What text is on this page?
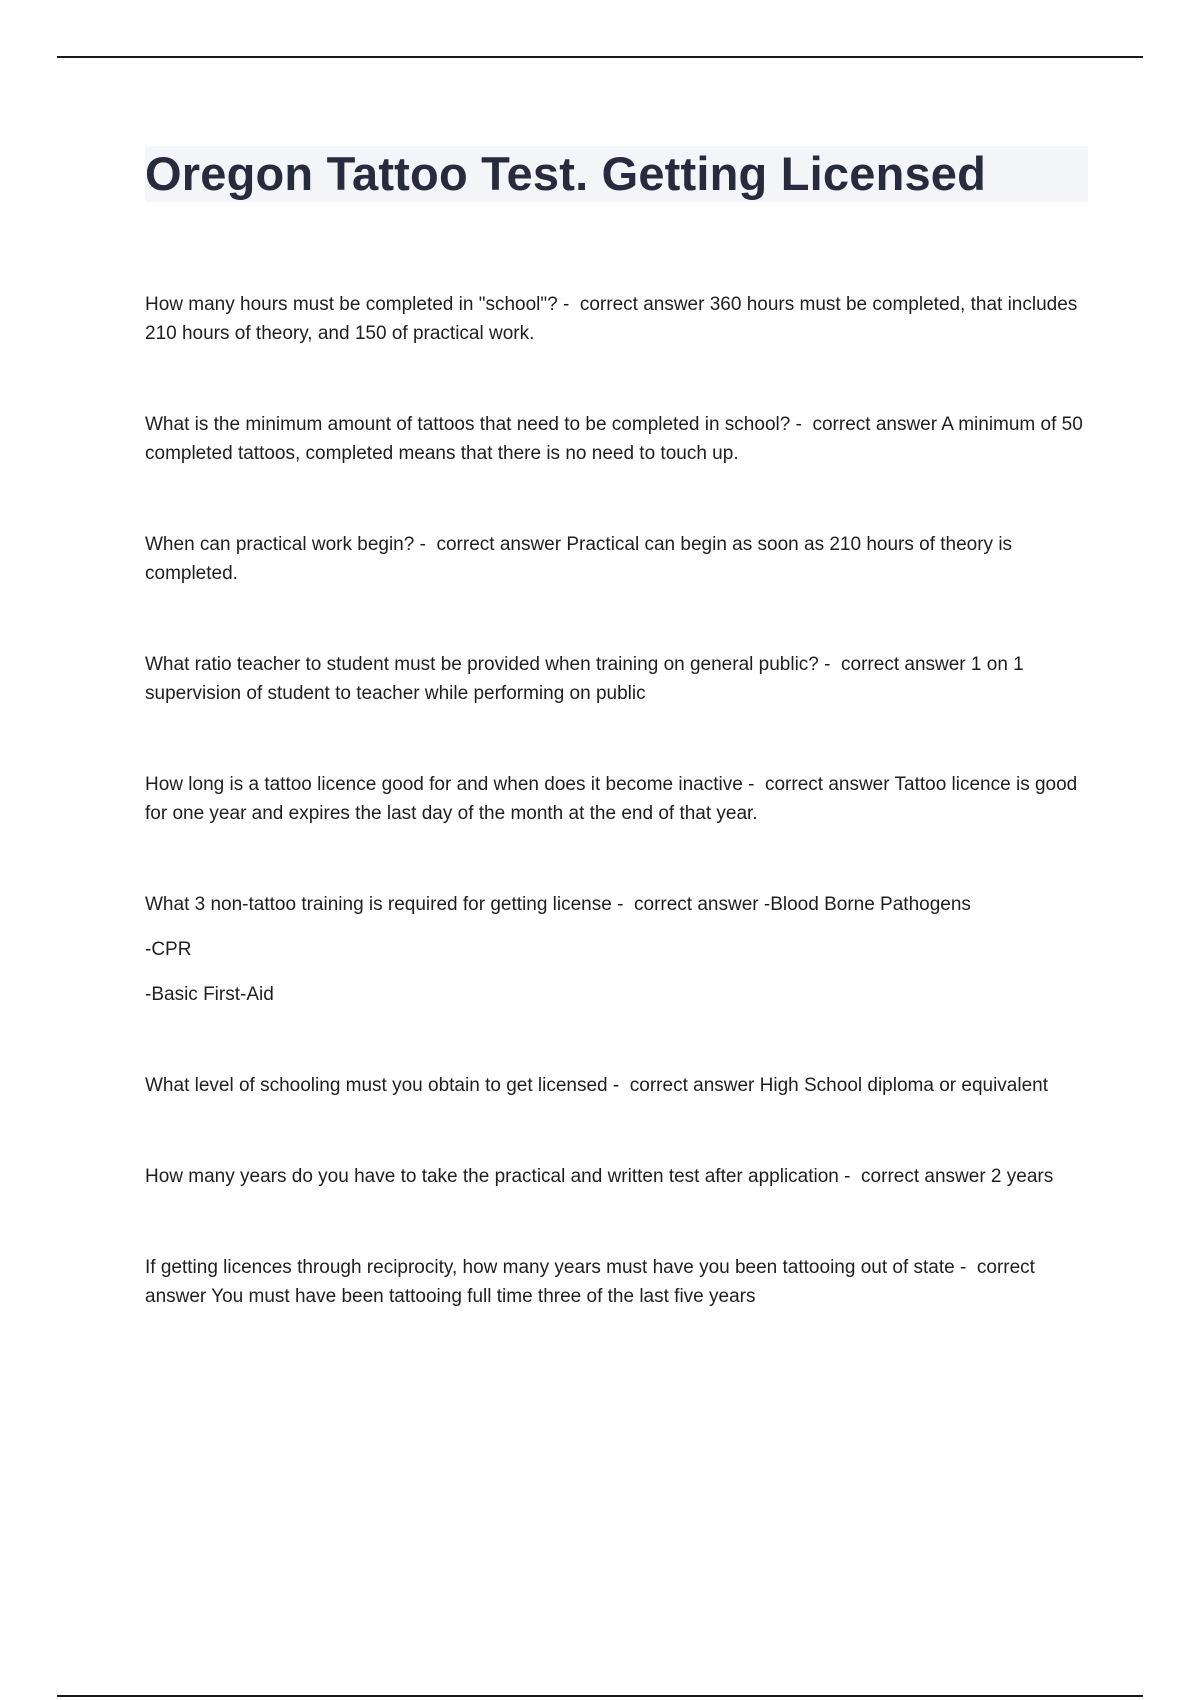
Oregon Tattoo Test. Getting Licensed

How many hours must be completed in "school"? -  correct answer 360 hours must be completed, that includes 210 hours of theory, and 150 of practical work.

What is the minimum amount of tattoos that need to be completed in school? -  correct answer A minimum of 50 completed tattoos, completed means that there is no need to touch up.

When can practical work begin? -  correct answer Practical can begin as soon as 210 hours of theory is completed.

What ratio teacher to student must be provided when training on general public? -  correct answer 1 on 1 supervision of student to teacher while performing on public

How long is a tattoo licence good for and when does it become inactive -  correct answer Tattoo licence is good for one year and expires the last day of the month at the end of that year.

What 3 non-tattoo training is required for getting license -  correct answer -Blood Borne Pathogens

-CPR

-Basic First-Aid

What level of schooling must you obtain to get licensed -  correct answer High School diploma or equivalent

How many years do you have to take the practical and written test after application -  correct answer 2 years

If getting licences through reciprocity, how many years must have you been tattooing out of state -  correct answer You must have been tattooing full time three of the last five years
